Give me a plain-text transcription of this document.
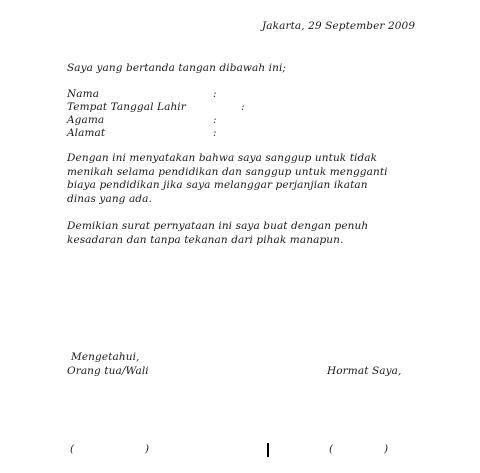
Jakarta, 29 September 2009
Saya yang bertanda tangan dibawah ini;
Nama	:
Tempat Tanggal Lahir	:
Agama	:
Alamat	:
Dengan ini menyatakan bahwa saya sanggup untuk tidak
menikah selama pendidikan dan sanggup untuk mengganti
biaya pendidikan jika saya melanggar perjanjian ikatan
dinas yang ada.
Demikian surat pernyataan ini saya buat dengan penuh
kesadaran dan tanpa tekanan dari pihak manapun.
Mengetahui,
Orang tua/Wali	Hormat Saya,
(	)	(	)
